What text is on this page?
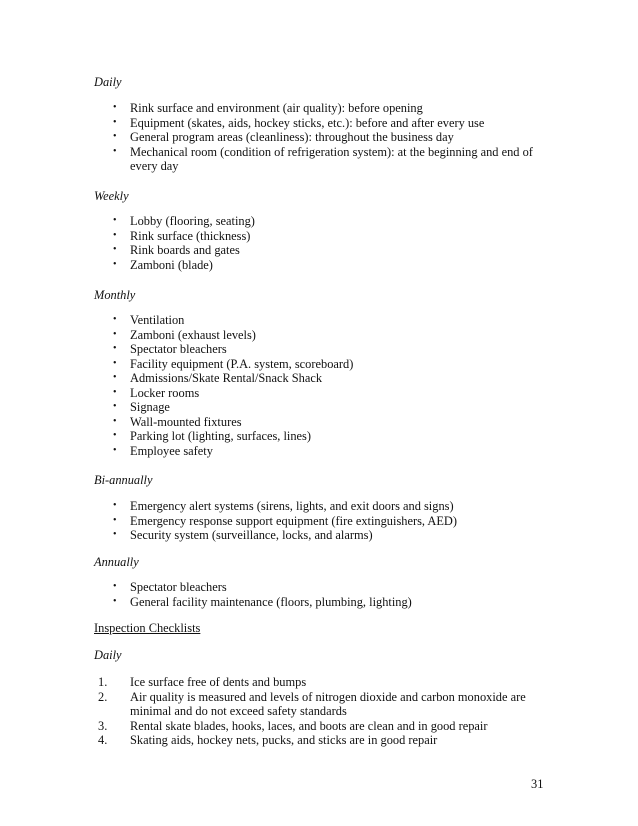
Daily

•	Rink surface and environment (air quality): before opening
•	Equipment (skates, aids, hockey sticks, etc.): before and after every use
•	General program areas (cleanliness): throughout the business day
•	Mechanical room (condition of refrigeration system): at the beginning and end of every day

Weekly

•	Lobby (flooring, seating)
•	Rink surface (thickness)
•	Rink boards and gates
•	Zamboni (blade)

Monthly

•	Ventilation
•	Zamboni (exhaust levels)
•	Spectator bleachers
•	Facility equipment (P.A. system, scoreboard)
•	Admissions/Skate Rental/Snack Shack
•	Locker rooms
•	Signage
•	Wall-mounted fixtures
•	Parking lot (lighting, surfaces, lines)
•	Employee safety

Bi-annually

•	Emergency alert systems (sirens, lights, and exit doors and signs)
•	Emergency response support equipment (fire extinguishers, AED)
•	Security system (surveillance, locks, and alarms)

Annually

•	Spectator bleachers
•	General facility maintenance (floors, plumbing, lighting)

Inspection Checklists

Daily

1.	Ice surface free of dents and bumps
2.	Air quality is measured and levels of nitrogen dioxide and carbon monoxide are minimal and do not exceed safety standards
3.	Rental skate blades, hooks, laces, and boots are clean and in good repair
4.	Skating aids, hockey nets, pucks, and sticks are in good repair
31
